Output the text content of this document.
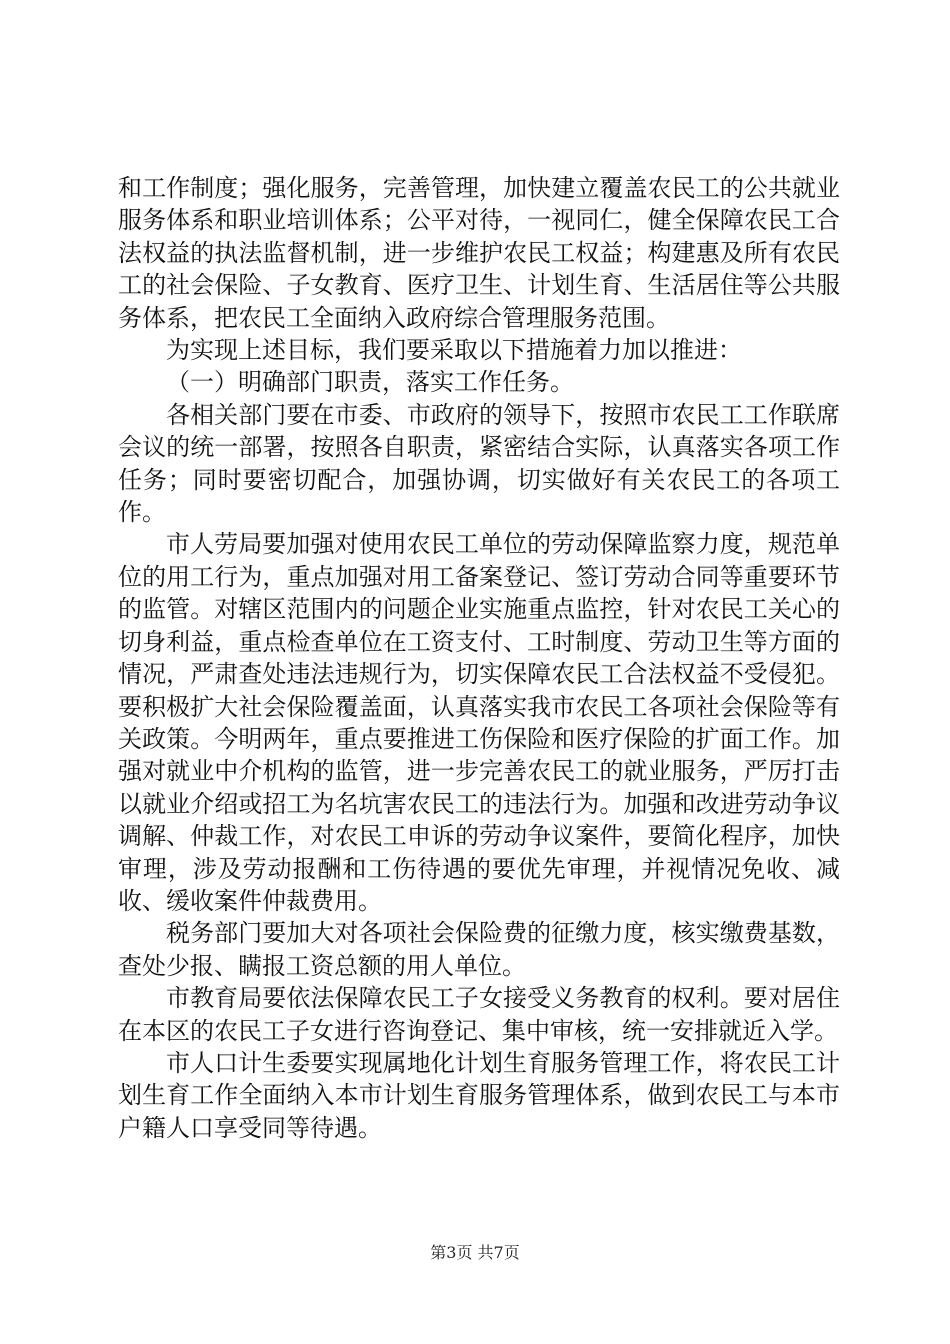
和工作制度；强化服务，完善管理，加快建立覆盖农民工的公共就业服务体系和职业培训体系；公平对待，一视同仁，健全保障农民工合法权益的执法监督机制，进一步维护农民工权益；构建惠及所有农民工的社会保险、子女教育、医疗卫生、计划生育、生活居住等公共服务体系，把农民工全面纳入政府综合管理服务范围。

为实现上述目标，我们要采取以下措施着力加以推进：

（一）明确部门职责，落实工作任务。

各相关部门要在市委、市政府的领导下，按照市农民工工作联席会议的统一部署，按照各自职责，紧密结合实际，认真落实各项工作任务；同时要密切配合，加强协调，切实做好有关农民工的各项工作。

市人劳局要加强对使用农民工单位的劳动保障监察力度，规范单位的用工行为，重点加强对用工备案登记、签订劳动合同等重要环节的监管。对辖区范围内的问题企业实施重点监控，针对农民工关心的切身利益，重点检查单位在工资支付、工时制度、劳动卫生等方面的情况，严肃查处违法违规行为，切实保障农民工合法权益不受侵犯。要积极扩大社会保险覆盖面，认真落实我市农民工各项社会保险等有关政策。今明两年，重点要推进工伤保险和医疗保险的扩面工作。加强对就业中介机构的监管，进一步完善农民工的就业服务，严厉打击以就业介绍或招工为名坑害农民工的违法行为。加强和改进劳动争议调解、仲裁工作，对农民工申诉的劳动争议案件，要简化程序，加快审理，涉及劳动报酬和工伤待遇的要优先审理，并视情况免收、减收、缓收案件仲裁费用。

税务部门要加大对各项社会保险费的征缴力度，核实缴费基数，查处少报、瞒报工资总额的用人单位。

市教育局要依法保障农民工子女接受义务教育的权利。要对居住在本区的农民工子女进行咨询登记、集中审核，统一安排就近入学。

市人口计生委要实现属地化计划生育服务管理工作，将农民工计划生育工作全面纳入本市计划生育服务管理体系，做到农民工与本市户籍人口享受同等待遇。

第3页 共7页
